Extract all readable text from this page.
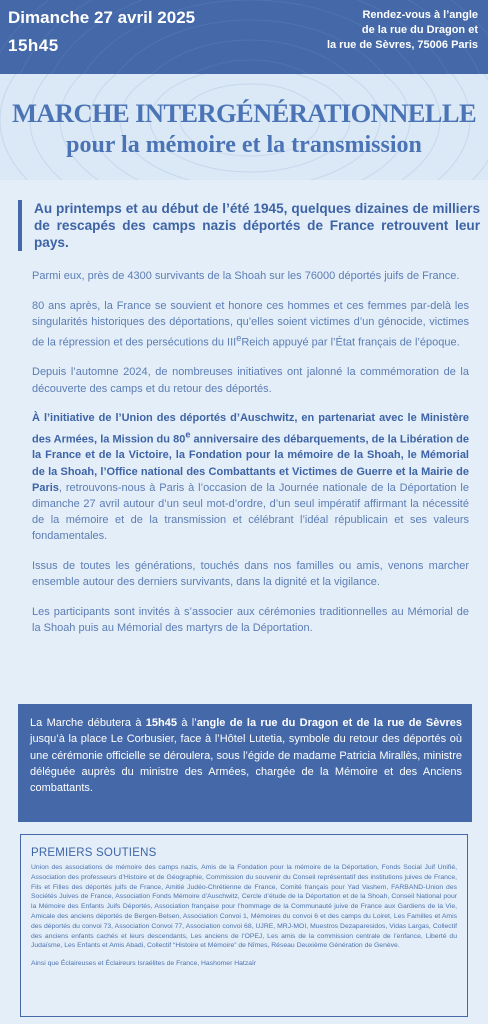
Dimanche 27 avril 2025
15h45
Rendez-vous à l’angle
de la rue du Dragon et
la rue de Sèvres, 75006 Paris
MARCHE INTERGÉNÉRATIONNELLE
pour la mémoire et la transmission
Au printemps et au début de l’été 1945, quelques dizaines de milliers de rescapés des camps nazis déportés de France retrouvent leur pays.

Parmi eux, près de 4300 survivants de la Shoah sur les 76000 déportés juifs de France.

80 ans après, la France se souvient et honore ces hommes et ces femmes par-delà les singularités historiques des déportations, qu’elles soient victimes d’un génocide, victimes de la répression et des persécutions du IIIeReich appuyé par l’État français de l’époque.

Depuis l’automne 2024, de nombreuses initiatives ont jalonné la commémoration de la découverte des camps et du retour des déportés.

À l’initiative de l’Union des déportés d’Auschwitz, en partenariat avec le Ministère des Armées, la Mission du 80e anniversaire des débarquements, de la Libération de la France et de la Victoire, la Fondation pour la mémoire de la Shoah, le Mémorial de la Shoah, l’Office national des Combattants et Victimes de Guerre et la Mairie de Paris, retrouvons-nous à Paris à l’occasion de la Journée nationale de la Déportation le dimanche 27 avril autour d’un seul mot-d’ordre, d’un seul impératif affirmant la nécessité de la mémoire et de la transmission et célébrant l’idéal républicain et ses valeurs fondamentales.

Issus de toutes les générations, touchés dans nos familles ou amis, venons marcher ensemble autour des derniers survivants, dans la dignité et la vigilance.

Les participants sont invités à s’associer aux cérémonies traditionnelles au Mémorial de la Shoah puis au Mémorial des martyrs de la Déportation.

La Marche débutera à 15h45 à l’angle de la rue du Dragon et de la rue de Sèvres jusqu’à la place Le Corbusier, face à l’Hôtel Lutetia, symbole du retour des déportés où une cérémonie officielle se déroulera, sous l’égide de madame Patricia Mirallès, ministre déléguée auprès du ministre des Armées, chargée de la Mémoire et des Anciens combattants.
PREMIERS SOUTIENS
Union des associations de mémoire des camps nazis, Amis de la Fondation pour la mémoire de la Déportation, Fonds Social Juif Unifié, Association des professeurs d’Histoire et de Géographie, Commission du souvenir du Conseil représentatif des institutions juives de France, Fils et Filles des déportés juifs de France, Amitié Judéo-Chrétienne de France, Comité français pour Yad Vashem, FARBAND-Union des Sociétés Juives de France, Association Fonds Mémoire d’Auschwitz, Cercle d’étude de la Déportation et de la Shoah, Conseil National pour la Mémoire des Enfants Juifs Déportés, Association française pour l’hommage de la Communauté juive de France aux Gardiens de la Vie, Amicale des anciens déportés de Bergen-Belsen, Association Convoi 1, Mémoires du convoi 6 et des camps du Loiret, Les Familles et Amis des déportés du convoi 73, Association Convoi 77, Association convoi 68, UJRE, MRJ-MOI, Muestros Dezaparesidos, Vidas Largas, Collectif des anciens enfants cachés et leurs descendants, Les anciens de l’OPEJ, Les amis de la commission centrale de l’enfance, Liberté du Judaïsme, Les Enfants et Amis Abadi, Collectif “Histoire et Mémoire” de Nîmes, Réseau Deuxième Génération de Genève.
Ainsi que Éclaireuses et Éclaireurs Israélites de France, Hashomer Hatzaïr
